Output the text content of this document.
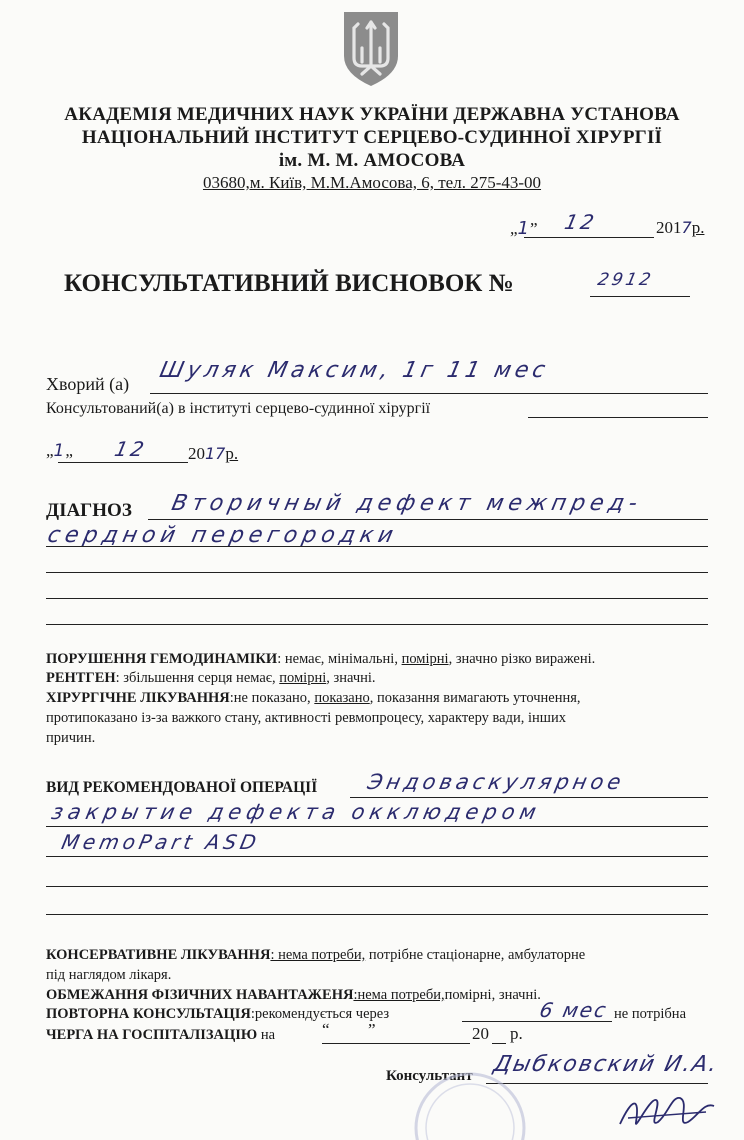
АКАДЕМІЯ МЕДИЧНИХ НАУК УКРАЇНИ ДЕРЖАВНА УСТАНОВА
НАЦІОНАЛЬНИЙ ІНСТИТУТ СЕРЦЕВО-СУДИННОЇ ХІРУРГІЇ
ім. М. М. АМОСОВА
03680,м. Київ, М.М.Амосова, 6, тел. 275-43-00
„1” 12	2017р.
КОНСУЛЬТАТИВНИЙ ВИСНОВОК №	2912
Хворий (а)
Шуляк Максим, 1г 11 мес
Консультований(а) в інституті серцево-судинної хірургії
„1„ 12 2017р.
ДІАГНОЗ Вторичный дефект межпред-
сердной перегородки
ПОРУШЕННЯ ГЕМОДИНАМІКИ: немає, мінімальні, помірні, значно різко виражені.
РЕНТГЕН: збільшення серця немає, помірні, значні.
ХІРУРГІЧНЕ ЛІКУВАННЯ:не показано, показано, показання вимагають уточнення,
протипоказано із-за важкого стану, активності ревмопроцесу, характеру вади, інших
причин.
ВИД РЕКОМЕНДОВАНОЇ ОПЕРАЦІЇ Эндоваскулярное
закрытие дефекта окклюдером
MemoPart ASD
КОНСЕРВАТИВНЕ ЛІКУВАННЯ: нема потреби, потрібне стаціонарне, амбулаторне
під наглядом лікаря.
ОБМЕЖАННЯ ФІЗИЧНИХ НАВАНТАЖЕНЯ:нема потреби,помірні, значні.
ПОВТОРНА КОНСУЛЬТАЦІЯ:рекомендується через	6 мес не потрібна
ЧЕРГА НА ГОСПІТАЛІЗАЦІЮ на	“ ”	20 р.
Консультант Дыбковский И.А.
